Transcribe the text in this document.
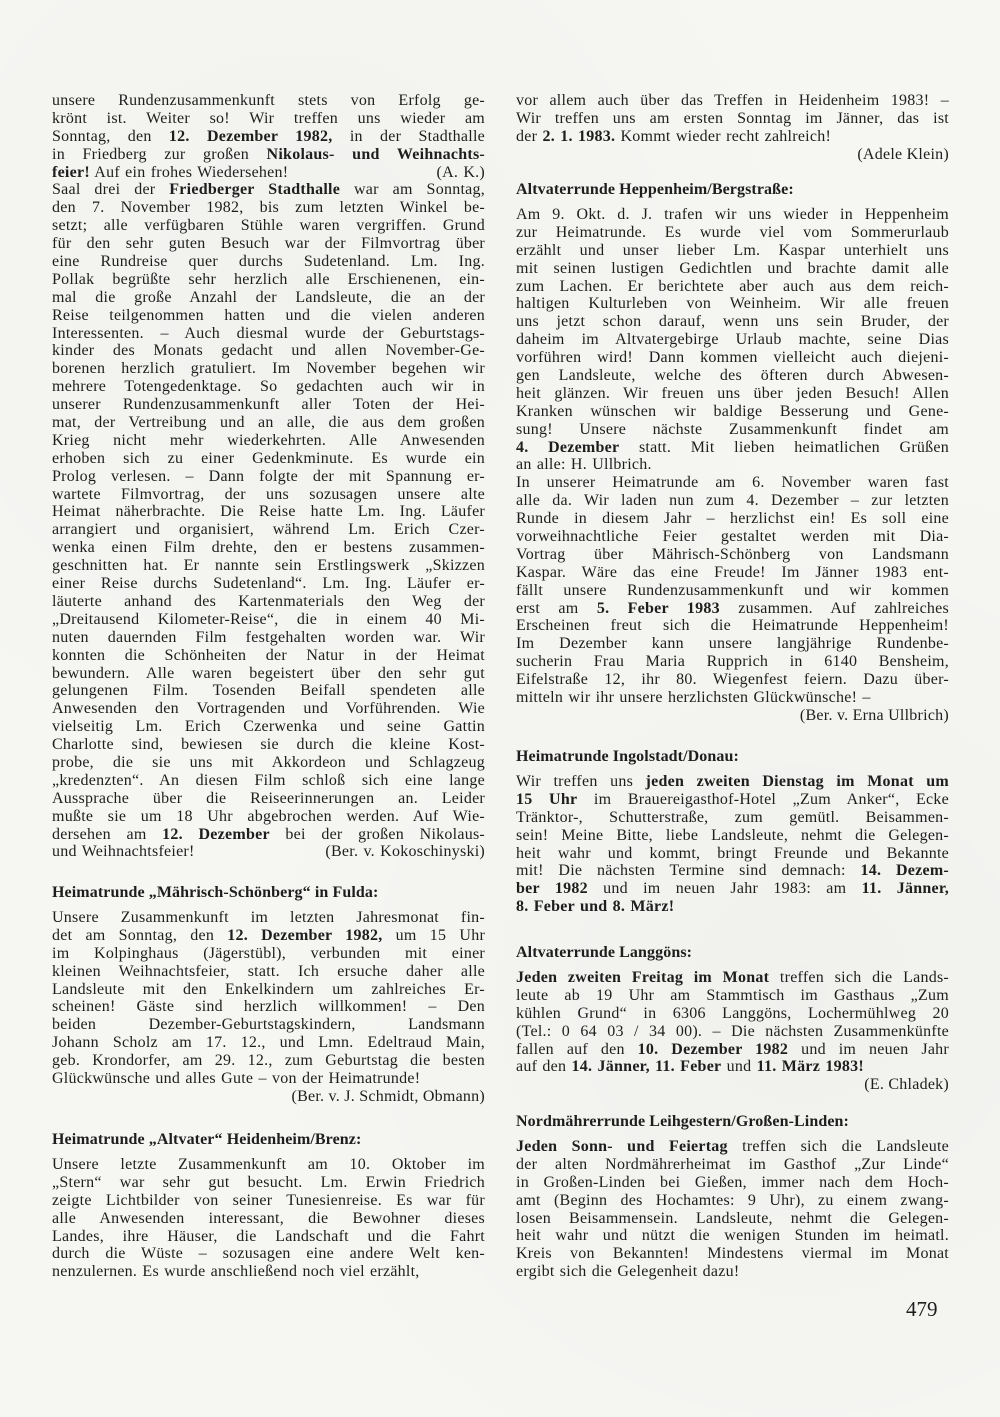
unsere Rundenzusammenkunft stets von Erfolg ge-
krönt ist. Weiter so! Wir treffen uns wieder am
Sonntag, den 12. Dezember 1982, in der Stadthalle
in Friedberg zur großen Nikolaus- und Weihnachts-
feier! Auf ein frohes Wiedersehen!	(A. K.)
Saal drei der Friedberger Stadthalle war am Sonntag,
den 7. November 1982, bis zum letzten Winkel be-
setzt; alle verfügbaren Stühle waren vergriffen. Grund
für den sehr guten Besuch war der Filmvortrag über
eine Rundreise quer durchs Sudetenland. Lm. Ing.
Pollak begrüßte sehr herzlich alle Erschienenen, ein-
mal die große Anzahl der Landsleute, die an der
Reise teilgenommen hatten und die vielen anderen
Interessenten. – Auch diesmal wurde der Geburtstags-
kinder des Monats gedacht und allen November-Ge-
borenen herzlich gratuliert. Im November begehen wir
mehrere Totengedenktage. So gedachten auch wir in
unserer Rundenzusammenkunft aller Toten der Hei-
mat, der Vertreibung und an alle, die aus dem großen
Krieg nicht mehr wiederkehrten. Alle Anwesenden
erhoben sich zu einer Gedenkminute. Es wurde ein
Prolog verlesen. – Dann folgte der mit Spannung er-
wartete Filmvortrag, der uns sozusagen unsere alte
Heimat näherbrachte. Die Reise hatte Lm. Ing. Läufer
arrangiert und organisiert, während Lm. Erich Czer-
wenka einen Film drehte, den er bestens zusammen-
geschnitten hat. Er nannte sein Erstlingswerk „Skizzen
einer Reise durchs Sudetenland“. Lm. Ing. Läufer er-
läuterte anhand des Kartenmaterials den Weg der
„Dreitausend Kilometer-Reise“, die in einem 40 Mi-
nuten dauernden Film festgehalten worden war. Wir
konnten die Schönheiten der Natur in der Heimat
bewundern. Alle waren begeistert über den sehr gut
gelungenen Film. Tosenden Beifall spendeten alle
Anwesenden den Vortragenden und Vorführenden. Wie
vielseitig Lm. Erich Czerwenka und seine Gattin
Charlotte sind, bewiesen sie durch die kleine Kost-
probe, die sie uns mit Akkordeon und Schlagzeug
„kredenzten“. An diesen Film schloß sich eine lange
Aussprache über die Reiseerinnerungen an. Leider
mußte sie um 18 Uhr abgebrochen werden. Auf Wie-
dersehen am 12. Dezember bei der großen Nikolaus-
und Weihnachtsfeier!	(Ber. v. Kokoschinyski)
Heimatrunde „Mährisch-Schönberg“ in Fulda:
Unsere Zusammenkunft im letzten Jahresmonat fin-
det am Sonntag, den 12. Dezember 1982, um 15 Uhr
im Kolpinghaus (Jägerstübl), verbunden mit einer
kleinen Weihnachtsfeier, statt. Ich ersuche daher alle
Landsleute mit den Enkelkindern um zahlreiches Er-
scheinen! Gäste sind herzlich willkommen! – Den
beiden Dezember-Geburtstagskindern, Landsmann
Johann Scholz am 17. 12., und Lmn. Edeltraud Main,
geb. Krondorfer, am 29. 12., zum Geburtstag die besten
Glückwünsche und alles Gute – von der Heimatrunde!
(Ber. v. J. Schmidt, Obmann)
Heimatrunde „Altvater“ Heidenheim/Brenz:
Unsere letzte Zusammenkunft am 10. Oktober im
„Stern“ war sehr gut besucht. Lm. Erwin Friedrich
zeigte Lichtbilder von seiner Tunesienreise. Es war für
alle Anwesenden interessant, die Bewohner dieses
Landes, ihre Häuser, die Landschaft und die Fahrt
durch die Wüste – sozusagen eine andere Welt ken-
nenzulernen. Es wurde anschließend noch viel erzählt,
vor allem auch über das Treffen in Heidenheim 1983! –
Wir treffen uns am ersten Sonntag im Jänner, das ist
der 2. 1. 1983. Kommt wieder recht zahlreich!
(Adele Klein)
Altvaterrunde Heppenheim/Bergstraße:
Am 9. Okt. d. J. trafen wir uns wieder in Heppenheim
zur Heimatrunde. Es wurde viel vom Sommerurlaub
erzählt und unser lieber Lm. Kaspar unterhielt uns
mit seinen lustigen Gedichtlen und brachte damit alle
zum Lachen. Er berichtete aber auch aus dem reich-
haltigen Kulturleben von Weinheim. Wir alle freuen
uns jetzt schon darauf, wenn uns sein Bruder, der
daheim im Altvatergebirge Urlaub machte, seine Dias
vorführen wird! Dann kommen vielleicht auch diejeni-
gen Landsleute, welche des öfteren durch Abwesen-
heit glänzen. Wir freuen uns über jeden Besuch! Allen
Kranken wünschen wir baldige Besserung und Gene-
sung! Unsere nächste Zusammenkunft findet am
4. Dezember statt. Mit lieben heimatlichen Grüßen
an alle: H. Ullbrich.
In unserer Heimatrunde am 6. November waren fast
alle da. Wir laden nun zum 4. Dezember – zur letzten
Runde in diesem Jahr – herzlichst ein! Es soll eine
vorweihnachtliche Feier gestaltet werden mit Dia-
Vortrag über Mährisch-Schönberg von Landsmann
Kaspar. Wäre das eine Freude! Im Jänner 1983 ent-
fällt unsere Rundenzusammenkunft und wir kommen
erst am 5. Feber 1983 zusammen. Auf zahlreiches
Erscheinen freut sich die Heimatrunde Heppenheim!
Im Dezember kann unsere langjährige Rundenbe-
sucherin Frau Maria Rupprich in 6140 Bensheim,
Eifelstraße 12, ihr 80. Wiegenfest feiern. Dazu über-
mitteln wir ihr unsere herzlichsten Glückwünsche! –
(Ber. v. Erna Ullbrich)
Heimatrunde Ingolstadt/Donau:
Wir treffen uns jeden zweiten Dienstag im Monat um
15 Uhr im Brauereigasthof-Hotel „Zum Anker“, Ecke
Tränktor-, Schutterstraße, zum gemütl. Beisammen-
sein! Meine Bitte, liebe Landsleute, nehmt die Gelegen-
heit wahr und kommt, bringt Freunde und Bekannte
mit! Die nächsten Termine sind demnach: 14. Dezem-
ber 1982 und im neuen Jahr 1983: am 11. Jänner,
8. Feber und 8. März!
Altvaterrunde Langgöns:
Jeden zweiten Freitag im Monat treffen sich die Lands-
leute ab 19 Uhr am Stammtisch im Gasthaus „Zum
kühlen Grund“ in 6306 Langgöns, Lochermühlweg 20
(Tel.: 0 64 03 / 34 00). – Die nächsten Zusammenkünfte
fallen auf den 10. Dezember 1982 und im neuen Jahr
auf den 14. Jänner, 11. Feber und 11. März 1983!
(E. Chladek)
Nordmährerrunde Leihgestern/Großen-Linden:
Jeden Sonn- und Feiertag treffen sich die Landsleute
der alten Nordmährerheimat im Gasthof „Zur Linde“
in Großen-Linden bei Gießen, immer nach dem Hoch-
amt (Beginn des Hochamtes: 9 Uhr), zu einem zwang-
losen Beisammensein. Landsleute, nehmt die Gelegen-
heit wahr und nützt die wenigen Stunden im heimatl.
Kreis von Bekannten! Mindestens viermal im Monat
ergibt sich die Gelegenheit dazu!
479
